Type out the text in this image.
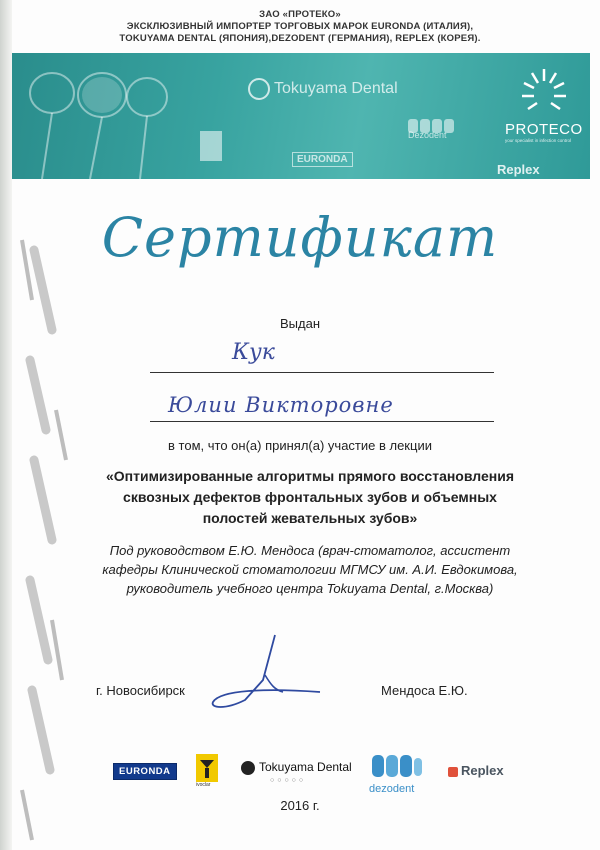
ЗАО «ПРОТЕКО»
ЭКСКЛЮЗИВНЫЙ ИМПОРТЕР ТОРГОВЫХ МАРОК EURONDA (ИТАЛИЯ),
TOKUYAMA DENTAL (ЯПОНИЯ),DEZODENT (ГЕРМАНИЯ), REPLEX (КОРЕЯ).
Tokuyama Dental
EURONDA
Dezodent	PROTECO
your specialist in infection control
Replex
Сертификат
Выдан
Кук
Юлии Викторовне
в том, что он(а) принял(а) участие в лекции
«Оптимизированные алгоритмы прямого восстановления
сквозных дефектов фронтальных зубов и объемных
полостей жевательных зубов»
Под руководством Е.Ю. Мендоса (врач-стоматолог, ассистент
кафедры Клинической стоматологии МГМСУ им. А.И. Евдокимова,
руководитель учебного центра Tokuyama Dental, г.Москва)
г. Новосибирск	Мендоса Е.Ю.
EURONDA
ivoclar
Tokuyama Dental
○○○○○
dezodent
Replex
2016 г.
